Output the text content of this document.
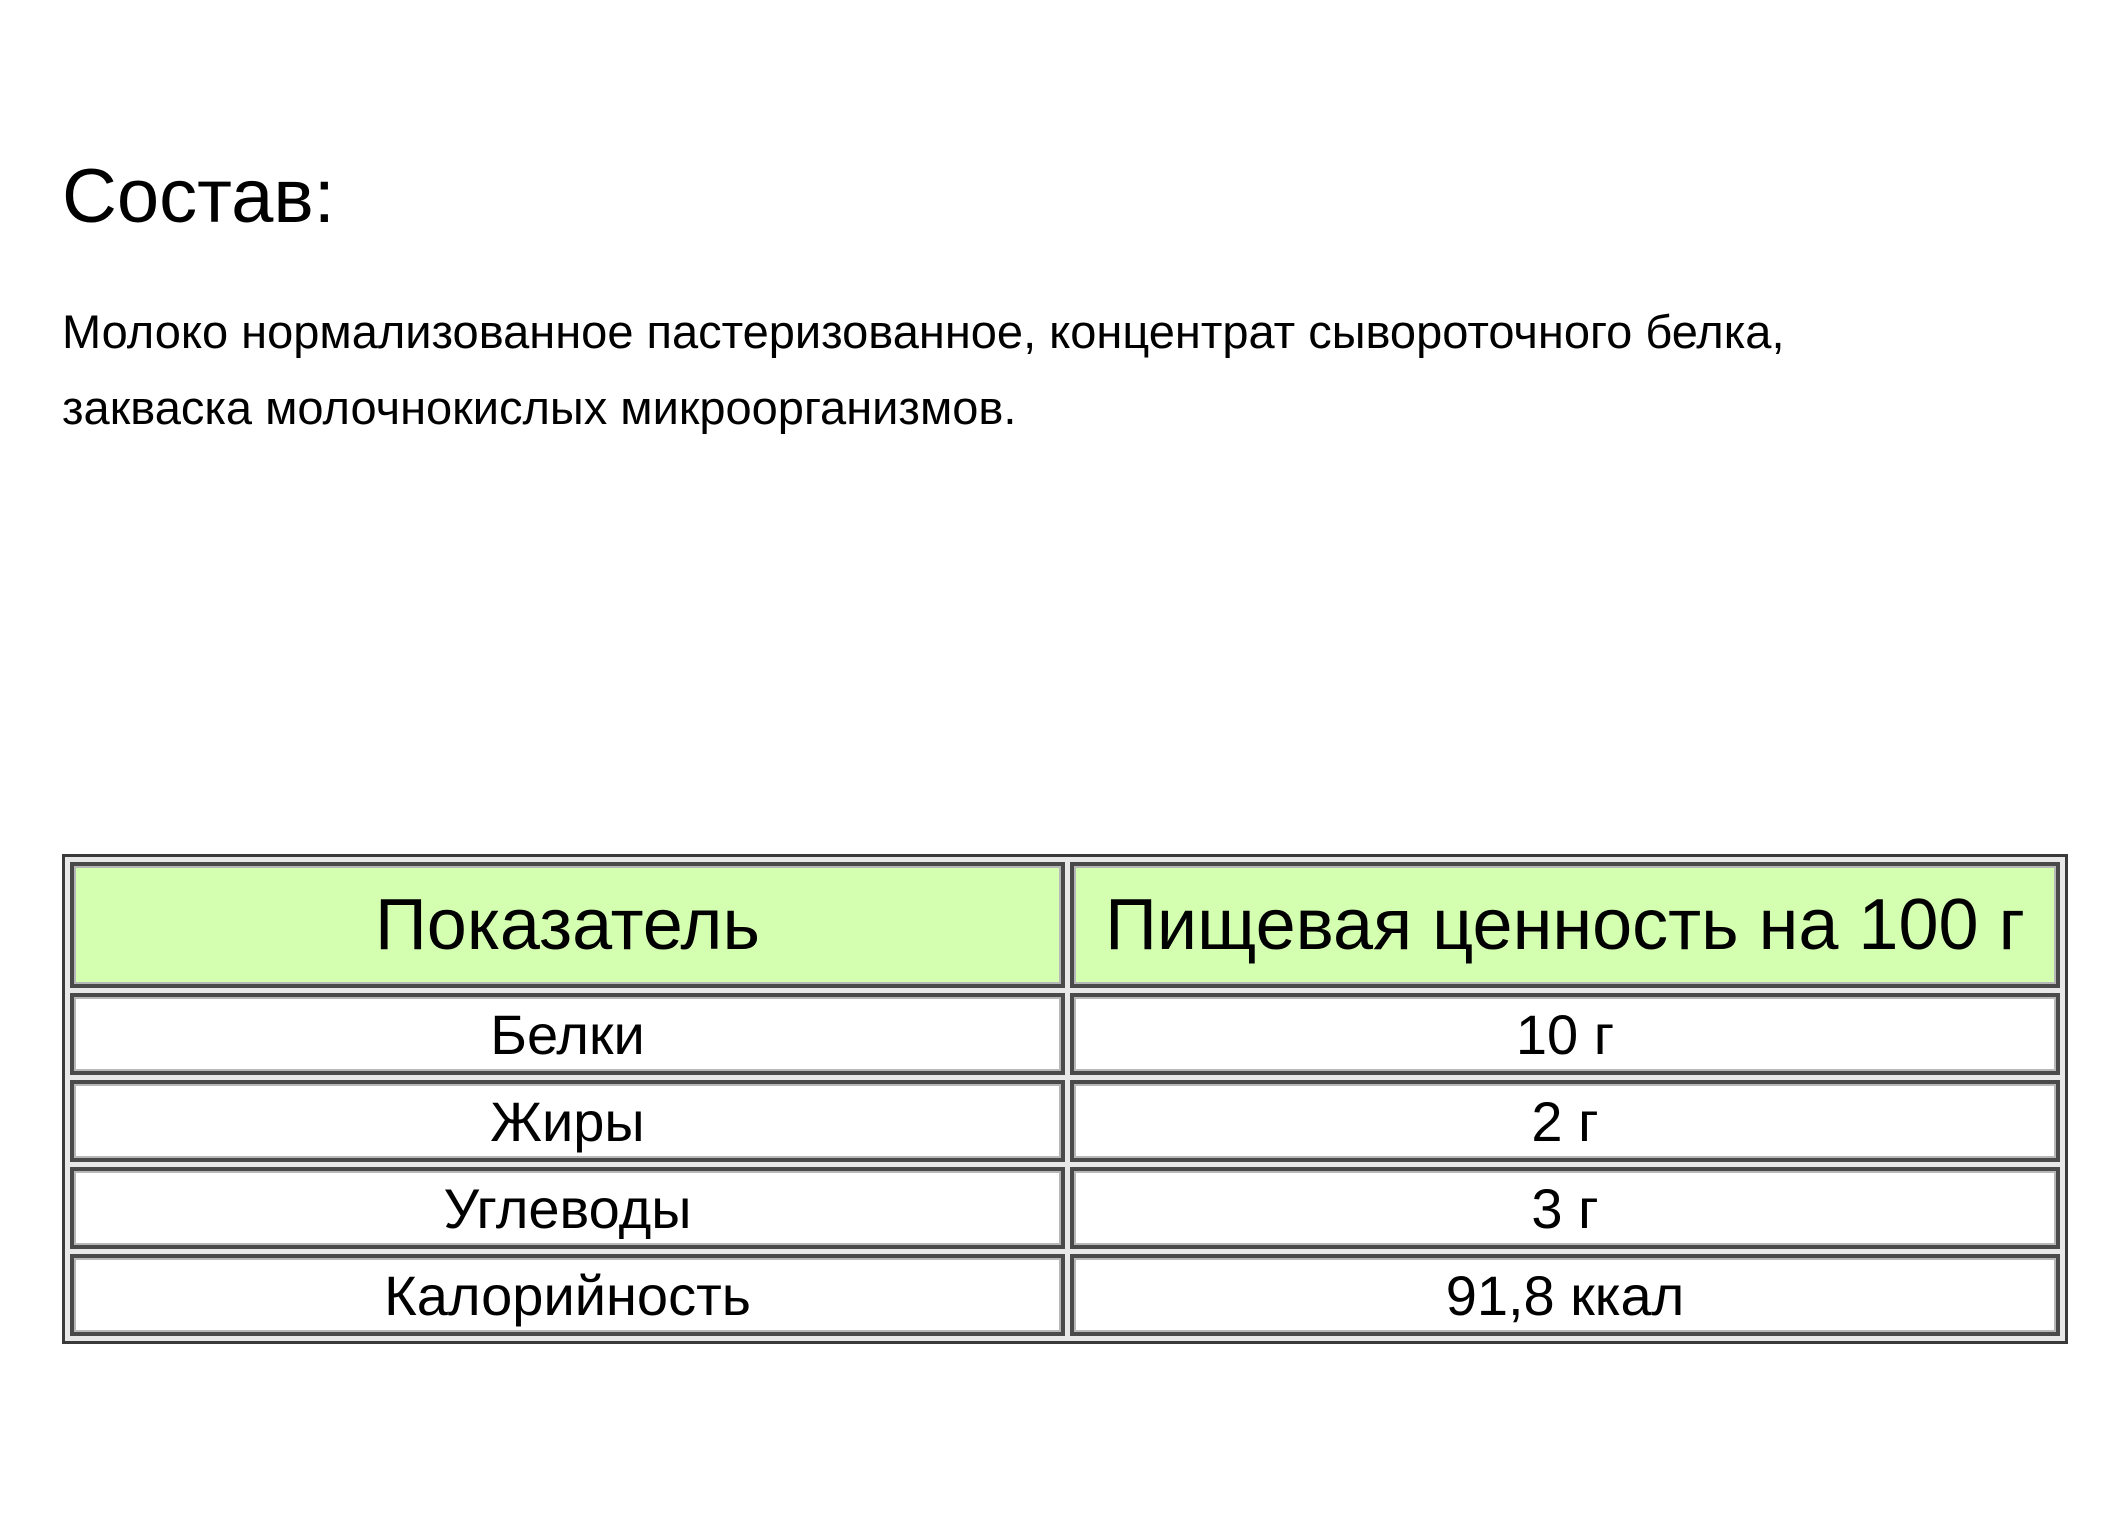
Состав:

Молоко нормализованное пастеризованное, концентрат сывороточного белка,
закваска молочнокислых микроорганизмов.

Показатель	Пищевая ценность на 100 г
Белки	10 г
Жиры	2 г
Углеводы	3 г
Калорийность	91,8 ккал
